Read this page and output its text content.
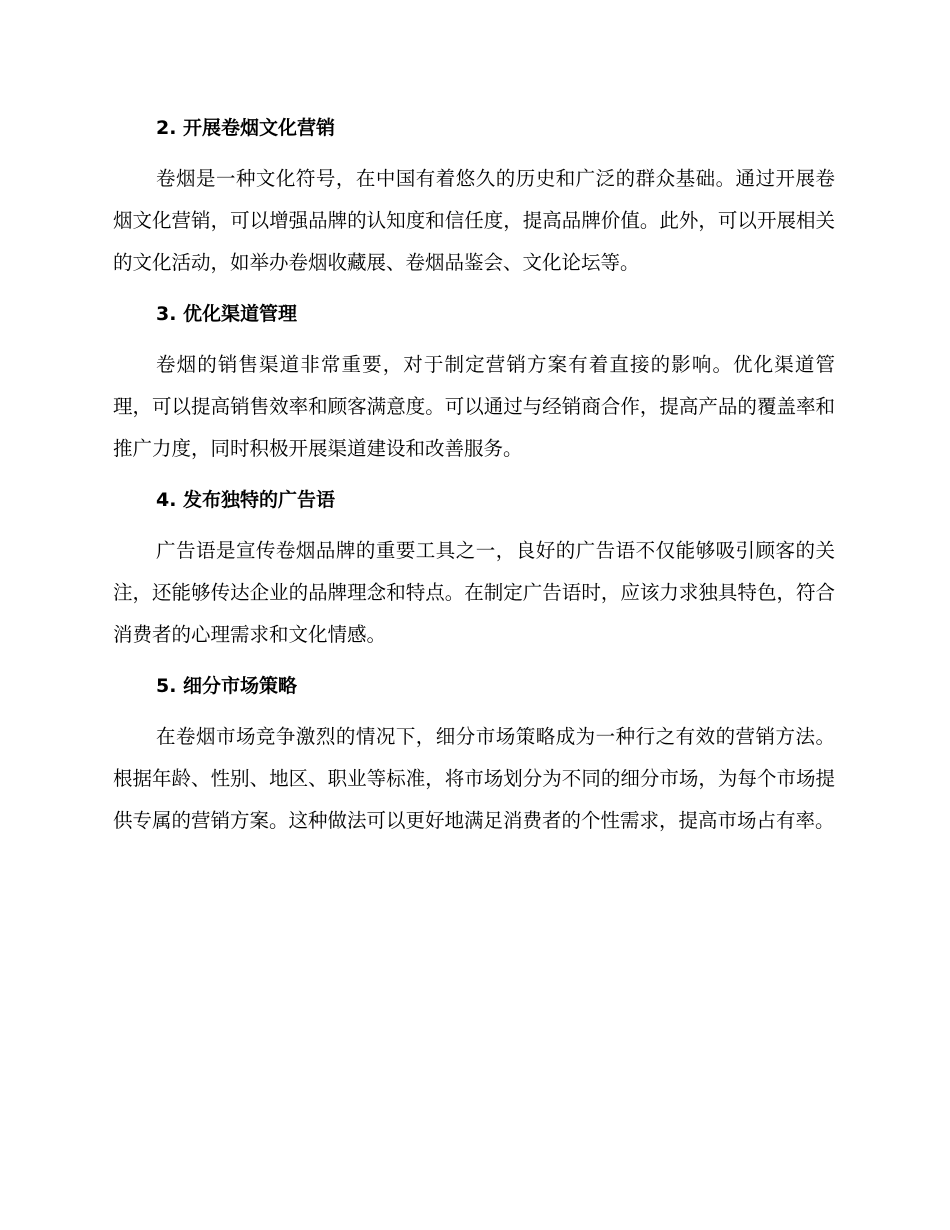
2. 开展卷烟文化营销

卷烟是一种文化符号，在中国有着悠久的历史和广泛的群众基础。通过开展卷烟文化营销，可以增强品牌的认知度和信任度，提高品牌价值。此外，可以开展相关的文化活动，如举办卷烟收藏展、卷烟品鉴会、文化论坛等。

3. 优化渠道管理

卷烟的销售渠道非常重要，对于制定营销方案有着直接的影响。优化渠道管理，可以提高销售效率和顾客满意度。可以通过与经销商合作，提高产品的覆盖率和推广力度，同时积极开展渠道建设和改善服务。

4. 发布独特的广告语

广告语是宣传卷烟品牌的重要工具之一，良好的广告语不仅能够吸引顾客的关注，还能够传达企业的品牌理念和特点。在制定广告语时，应该力求独具特色，符合消费者的心理需求和文化情感。

5. 细分市场策略

在卷烟市场竞争激烈的情况下，细分市场策略成为一种行之有效的营销方法。根据年龄、性别、地区、职业等标准，将市场划分为不同的细分市场，为每个市场提供专属的营销方案。这种做法可以更好地满足消费者的个性需求，提高市场占有率。
